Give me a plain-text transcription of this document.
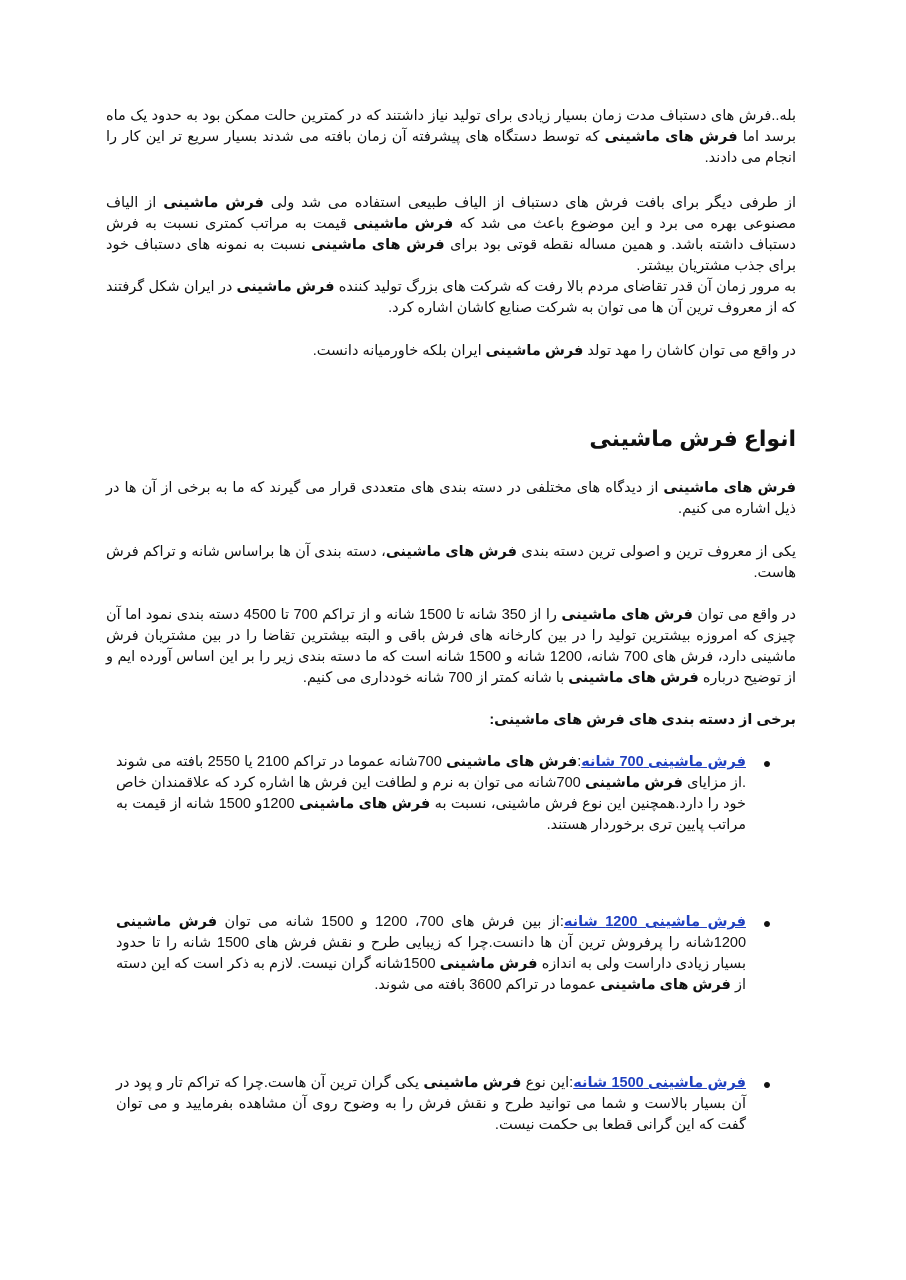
بله..فرش های دستباف مدت زمان بسیار زیادی برای تولید نیاز داشتند که در کمترین حالت ممکن بود به حدود یک ماه برسد اما فرش های ماشینی که توسط دستگاه های پیشرفته آن زمان بافته می شدند بسیار سریع تر این کار را انجام می دادند.

از طرفی دیگر برای بافت فرش های دستباف از الیاف طبیعی استفاده می شد ولی فرش ماشینی از الیاف مصنوعی بهره می برد و این موضوع باعث می شد که فرش ماشینی قیمت به مراتب کمتری نسبت به فرش دستباف داشته باشد. و همین مساله نقطه قوتی بود برای فرش های ماشینی نسبت به نمونه های دستباف خود برای جذب مشتریان بیشتر.

به مرور زمان آن قدر تقاضای مردم بالا رفت که شرکت های بزرگ تولید کننده فرش ماشینی در ایران شکل گرفتند که از معروف ترین آن ها می توان به شرکت صنایع کاشان اشاره کرد.

در واقع می توان کاشان را مهد تولد فرش ماشینی ایران بلکه خاورمیانه دانست.

انواع فرش ماشینی

فرش های ماشینی از دیدگاه های مختلفی در دسته بندی های متعددی قرار می گیرند که ما به برخی از آن ها در ذیل اشاره می کنیم.

یکی از معروف ترین و اصولی ترین دسته بندی فرش های ماشینی، دسته بندی آن ها براساس شانه و تراکم فرش هاست.

در واقع می توان فرش های ماشینی را از 350 شانه تا 1500 شانه و از تراکم 700 تا 4500 دسته بندی نمود اما آن چیزی که امروزه بیشترین تولید را در بین کارخانه های فرش باقی و البته بیشترین تقاضا را در بین مشتریان فرش ماشینی دارد، فرش های 700 شانه، 1200 شانه و 1500 شانه است که ما دسته بندی زیر را بر این اساس آورده ایم و از توضیح درباره فرش های ماشینی با شانه کمتر از 700 شانه خودداری می کنیم.

برخی از دسته بندی های فرش های ماشینی:

فرش ماشینی 700 شانه:فرش های ماشینی 700شانه عموما در تراکم 2100 یا 2550 بافته می شوند .از مزایای فرش ماشینی 700شانه می توان به نرم و لطافت این فرش ها اشاره کرد که علاقمندان خاص خود را دارد.همچنین این نوع فرش ماشینی، نسبت به فرش های ماشینی 1200و 1500 شانه از قیمت به مراتب پایین تری برخوردار هستند.
فرش ماشینی 1200 شانه:از بین فرش های 700، 1200 و 1500 شانه می توان فرش ماشینی 1200شانه را پرفروش ترین آن ها دانست.چرا که زیبایی طرح و نقش فرش های 1500 شانه را تا حدود بسیار زیادی داراست ولی به اندازه فرش ماشینی 1500شانه گران نیست. لازم به ذکر است که این دسته از فرش های ماشینی عموما در تراکم 3600 بافته می شوند.
فرش ماشینی 1500 شانه:این نوع فرش ماشینی یکی گران ترین آن هاست.چرا که تراکم تار و پود در آن بسیار بالاست و شما می توانید طرح و نقش فرش را به وضوح روی آن مشاهده بفرمایید و می توان گفت که این گرانی قطعا بی حکمت نیست.
